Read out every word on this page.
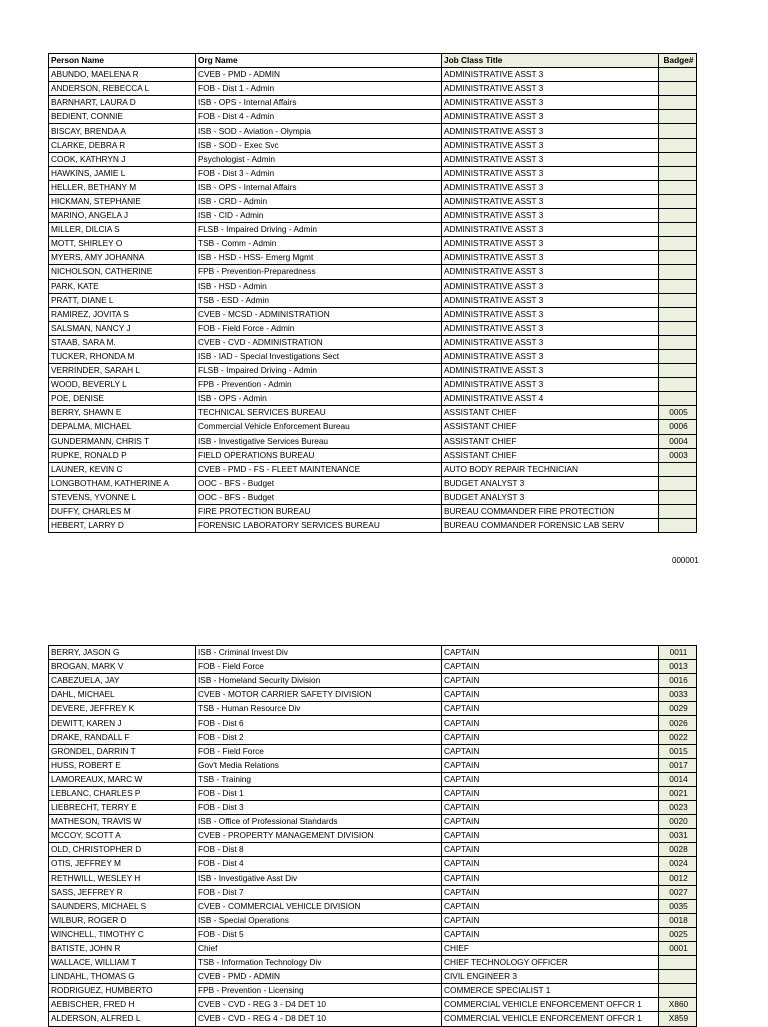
Person Name	Org Name	Job Class Title	Badge#
ABUNDO, MAELENA R	CVEB - PMD - ADMIN	ADMINISTRATIVE ASST 3	
ANDERSON, REBECCA L	FOB - Dist 1 - Admin	ADMINISTRATIVE ASST 3	
BARNHART, LAURA D	ISB - OPS - Internal Affairs	ADMINISTRATIVE ASST 3	
BEDIENT, CONNIE	FOB - Dist 4 - Admin	ADMINISTRATIVE ASST 3	
BISCAY, BRENDA A	ISB - SOD - Aviation - Olympia	ADMINISTRATIVE ASST 3	
CLARKE, DEBRA R	ISB - SOD - Exec Svc	ADMINISTRATIVE ASST 3	
COOK, KATHRYN J	Psychologist - Admin	ADMINISTRATIVE ASST 3	
HAWKINS, JAMIE L	FOB - Dist 3 - Admin	ADMINISTRATIVE ASST 3	
HELLER, BETHANY M	ISB - OPS - Internal Affairs	ADMINISTRATIVE ASST 3	
HICKMAN, STEPHANIE	ISB - CRD - Admin	ADMINISTRATIVE ASST 3	
MARINO, ANGELA J	ISB - CID - Admin	ADMINISTRATIVE ASST 3	
MILLER, DILCIA S	FLSB - Impaired Driving - Admin	ADMINISTRATIVE ASST 3	
MOTT, SHIRLEY O	TSB - Comm - Admin	ADMINISTRATIVE ASST 3	
MYERS, AMY JOHANNA	ISB - HSD - HSS- Emerg Mgmt	ADMINISTRATIVE ASST 3	
NICHOLSON, CATHERINE	FPB - Prevention-Preparedness	ADMINISTRATIVE ASST 3	
PARK, KATE	ISB - HSD - Admin	ADMINISTRATIVE ASST 3	
PRATT, DIANE L	TSB - ESD - Admin	ADMINISTRATIVE ASST 3	
RAMIREZ, JOVITA S	CVEB - MCSD - ADMINISTRATION	ADMINISTRATIVE ASST 3	
SALSMAN, NANCY J	FOB - Field Force - Admin	ADMINISTRATIVE ASST 3	
STAAB, SARA M.	CVEB - CVD - ADMINISTRATION	ADMINISTRATIVE ASST 3	
TUCKER, RHONDA M	ISB - IAD - Special Investigations Sect	ADMINISTRATIVE ASST 3	
VERRINDER, SARAH L	FLSB - Impaired Driving - Admin	ADMINISTRATIVE ASST 3	
WOOD, BEVERLY L	FPB - Prevention - Admin	ADMINISTRATIVE ASST 3	
POE, DENISE	ISB - OPS - Admin	ADMINISTRATIVE ASST 4	
BERRY, SHAWN E	TECHNICAL SERVICES BUREAU	ASSISTANT CHIEF	0005
DEPALMA, MICHAEL	Commercial Vehicle Enforcement Bureau	ASSISTANT CHIEF	0006
GUNDERMANN, CHRIS T	ISB - Investigative Services Bureau	ASSISTANT CHIEF	0004
RUPKE, RONALD P	FIELD OPERATIONS BUREAU	ASSISTANT CHIEF	0003
LAUNER, KEVIN C	CVEB - PMD - FS - FLEET MAINTENANCE	AUTO BODY REPAIR TECHNICIAN	
LONGBOTHAM, KATHERINE A	OOC - BFS - Budget	BUDGET ANALYST 3	
STEVENS, YVONNE L	OOC - BFS - Budget	BUDGET ANALYST 3	
DUFFY, CHARLES M	FIRE PROTECTION BUREAU	BUREAU COMMANDER FIRE PROTECTION	
HEBERT, LARRY D	FORENSIC LABORATORY SERVICES BUREAU	BUREAU COMMANDER FORENSIC LAB SERV	
000001
BERRY, JASON G	ISB - Criminal Invest Div	CAPTAIN	0011
BROGAN, MARK V	FOB - Field Force	CAPTAIN	0013
CABEZUELA, JAY	ISB - Homeland Security Division	CAPTAIN	0016
DAHL, MICHAEL	CVEB - MOTOR CARRIER SAFETY DIVISION	CAPTAIN	0033
DEVERE, JEFFREY K	TSB - Human Resource Div	CAPTAIN	0029
DEWITT, KAREN J	FOB - Dist 6	CAPTAIN	0026
DRAKE, RANDALL F	FOB - Dist 2	CAPTAIN	0022
GRONDEL, DARRIN T	FOB - Field Force	CAPTAIN	0015
HUSS, ROBERT E	Gov't Media Relations	CAPTAIN	0017
LAMOREAUX, MARC W	TSB - Training	CAPTAIN	0014
LEBLANC, CHARLES P	FOB - Dist 1	CAPTAIN	0021
LIEBRECHT, TERRY E	FOB - Dist 3	CAPTAIN	0023
MATHESON, TRAVIS W	ISB - Office of Professional Standards	CAPTAIN	0020
MCCOY, SCOTT A	CVEB - PROPERTY MANAGEMENT DIVISION	CAPTAIN	0031
OLD, CHRISTOPHER D	FOB - Dist 8	CAPTAIN	0028
OTIS, JEFFREY M	FOB - Dist 4	CAPTAIN	0024
RETHWILL, WESLEY H	ISB - Investigative Asst Div	CAPTAIN	0012
SASS, JEFFREY R	FOB - Dist 7	CAPTAIN	0027
SAUNDERS, MICHAEL S	CVEB - COMMERCIAL VEHICLE DIVISION	CAPTAIN	0035
WILBUR, ROGER D	ISB - Special Operations	CAPTAIN	0018
WINCHELL, TIMOTHY C	FOB - Dist 5	CAPTAIN	0025
BATISTE, JOHN R	Chief	CHIEF	0001
WALLACE, WILLIAM T	TSB - Information Technology Div	CHIEF TECHNOLOGY OFFICER	
LINDAHL, THOMAS G	CVEB - PMD - ADMIN	CIVIL ENGINEER 3	
RODRIGUEZ, HUMBERTO	FPB - Prevention - Licensing	COMMERCE SPECIALIST 1	
AEBISCHER, FRED H	CVEB - CVD - REG 3 - D4 DET 10	COMMERCIAL VEHICLE ENFORCEMENT OFFCR 1	X860
ALDERSON, ALFRED L	CVEB - CVD - REG 4 - D8 DET 10	COMMERCIAL VEHICLE ENFORCEMENT OFFCR 1	X859
